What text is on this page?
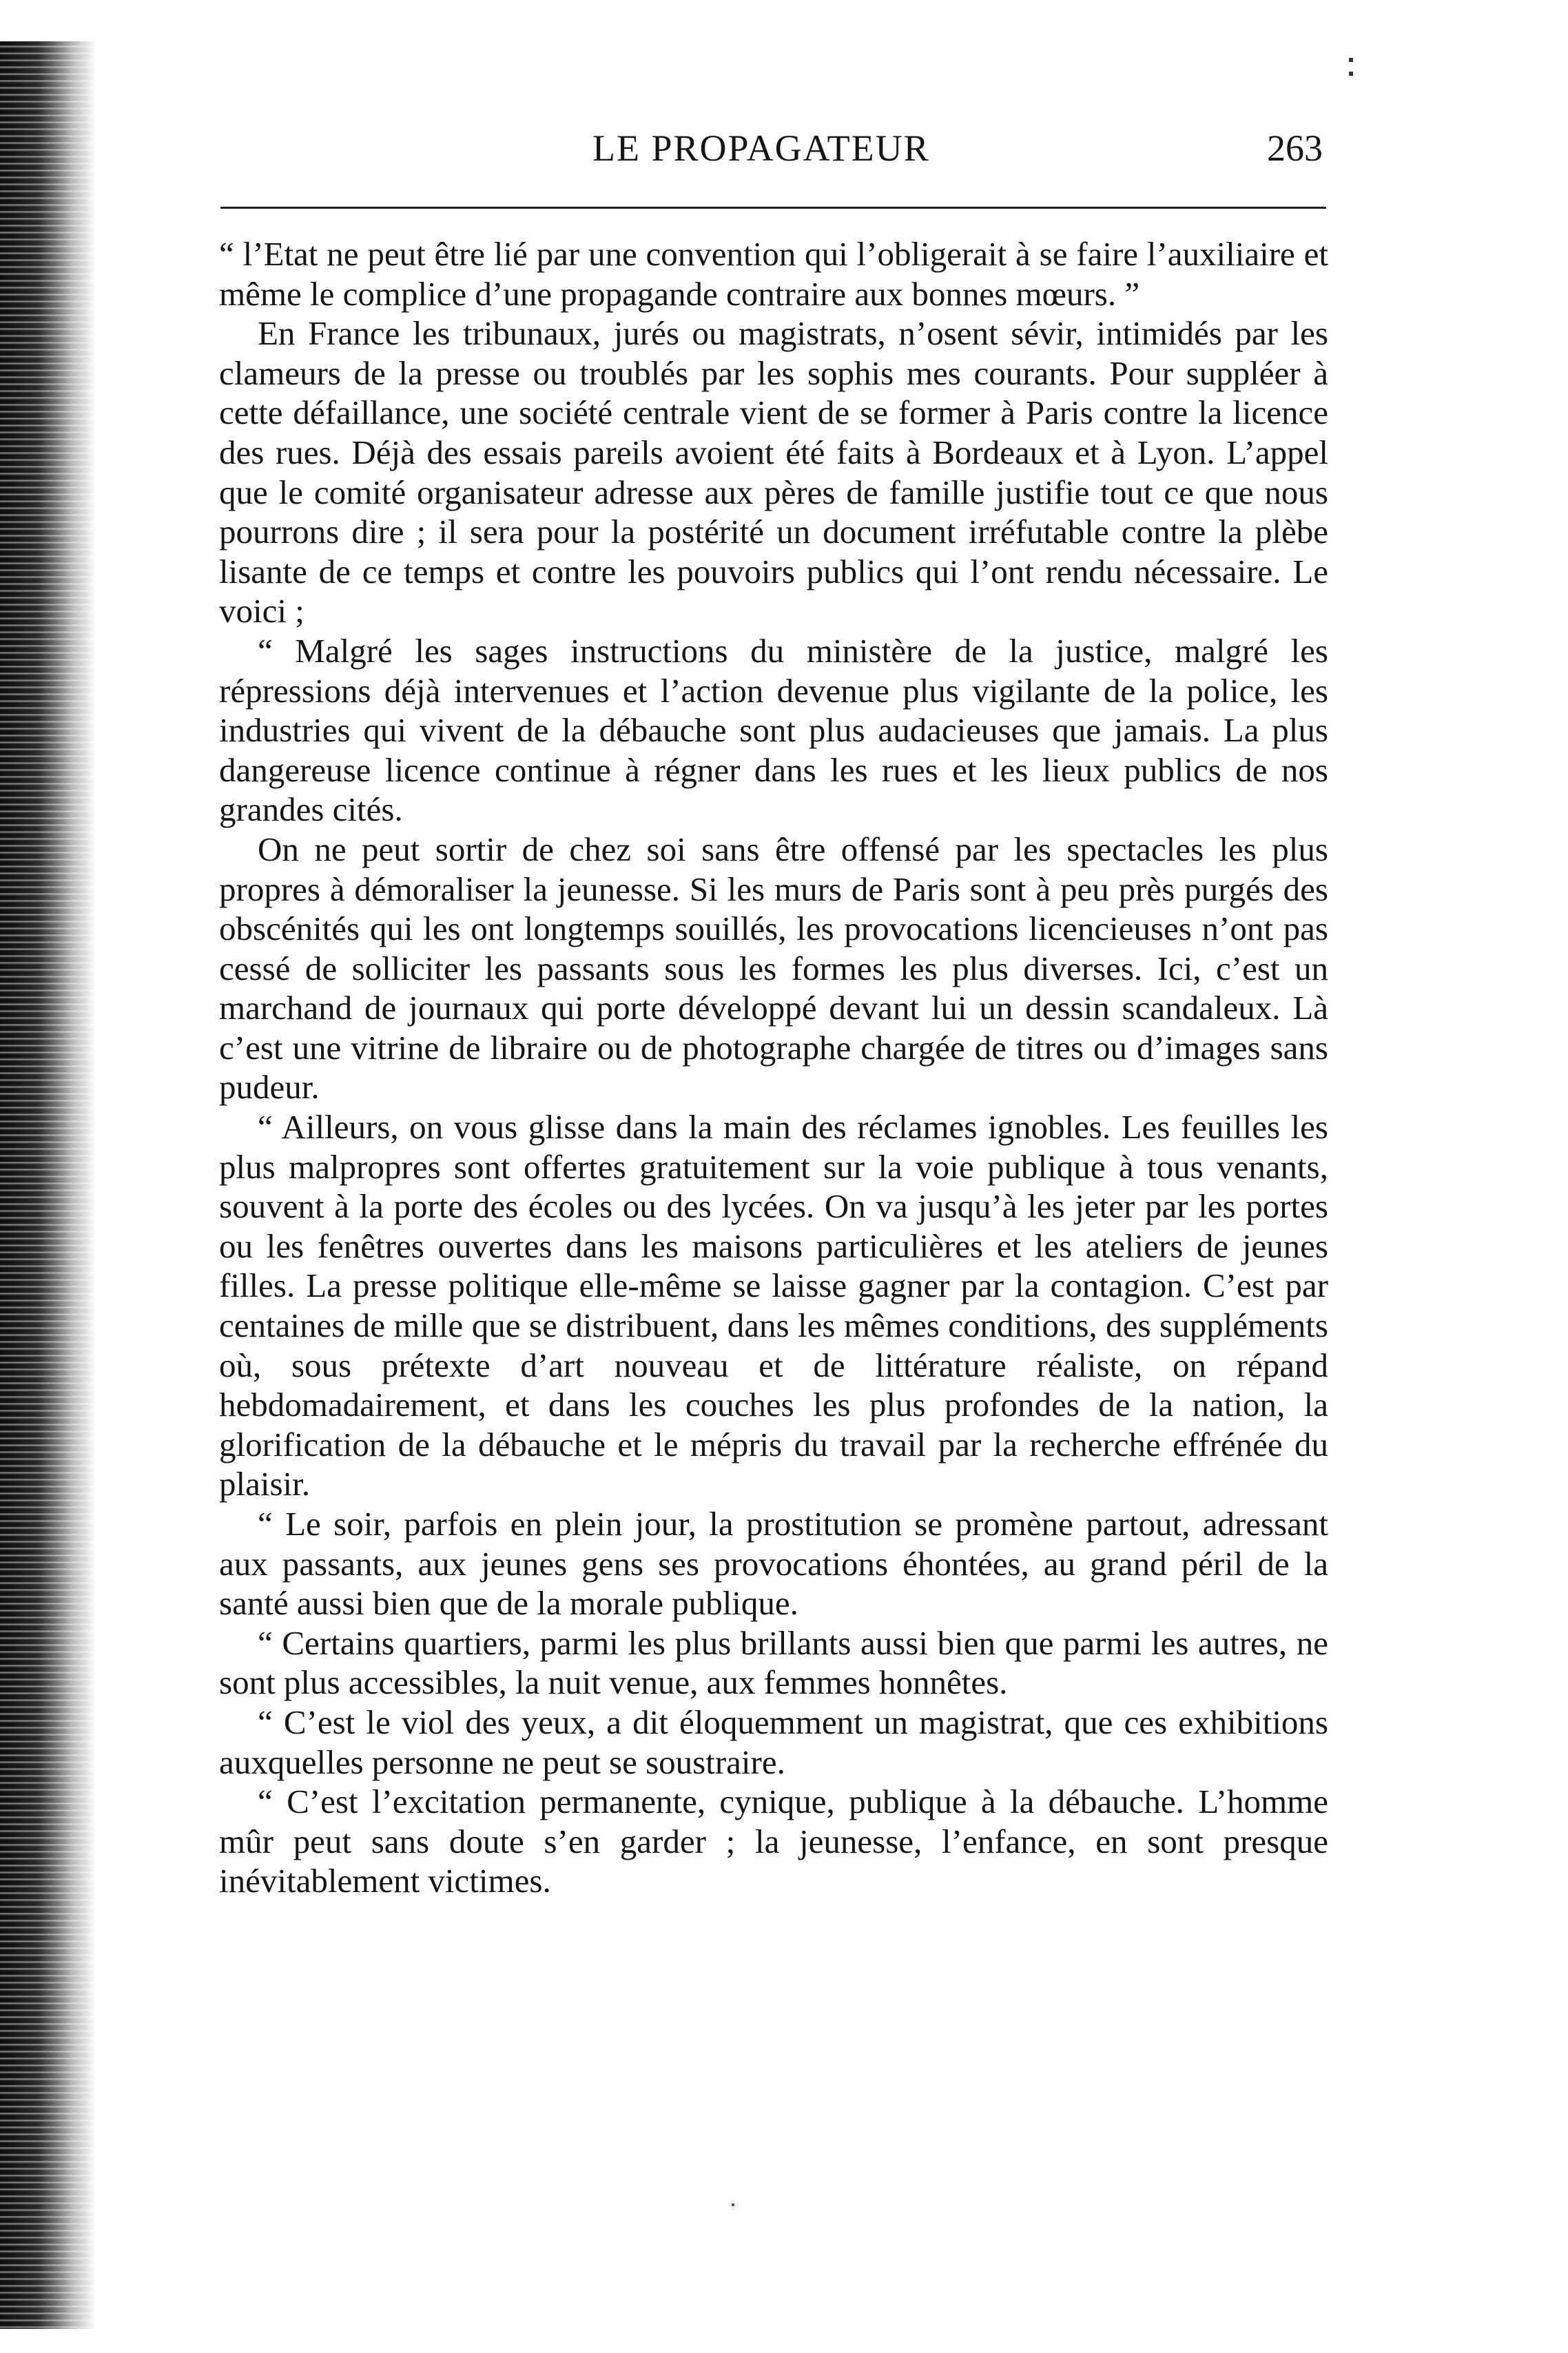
LE PROPAGATEUR	263

“ l’Etat ne peut être lié par une convention qui l’obligerait à se faire l’auxiliaire et même le complice d’une propagande contraire aux bonnes mœurs. ”

En France les tribunaux, jurés ou magistrats, n’osent sévir, intimidés par les clameurs de la presse ou troublés par les sophis mes courants. Pour suppléer à cette défaillance, une société centrale vient de se former à Paris contre la licence des rues. Déjà des essais pareils avoient été faits à Bordeaux et à Lyon. L’appel que le comité organisateur adresse aux pères de famille justifie tout ce que nous pourrons dire ; il sera pour la postérité un document irréfutable contre la plèbe lisante de ce temps et contre les pouvoirs publics qui l’ont rendu nécessaire. Le voici ;

“ Malgré les sages instructions du ministère de la justice, malgré les répressions déjà intervenues et l’action devenue plus vigilante de la police, les industries qui vivent de la débauche sont plus audacieuses que jamais. La plus dangereuse licence continue à régner dans les rues et les lieux publics de nos grandes cités.

On ne peut sortir de chez soi sans être offensé par les spectacles les plus propres à démoraliser la jeunesse. Si les murs de Paris sont à peu près purgés des obscénités qui les ont longtemps souillés, les provocations licencieuses n’ont pas cessé de solliciter les passants sous les formes les plus diverses. Ici, c’est un marchand de journaux qui porte développé devant lui un dessin scandaleux. Là c’est une vitrine de libraire ou de photographe chargée de titres ou d’images sans pudeur.

“ Ailleurs, on vous glisse dans la main des réclames ignobles. Les feuilles les plus malpropres sont offertes gratuitement sur la voie publique à tous venants, souvent à la porte des écoles ou des lycées. On va jusqu’à les jeter par les portes ou les fenêtres ouvertes dans les maisons particulières et les ateliers de jeunes filles. La presse politique elle-même se laisse gagner par la contagion. C’est par centaines de mille que se distribuent, dans les mêmes conditions, des suppléments où, sous prétexte d’art nouveau et de littérature réaliste, on répand hebdomadairement, et dans les couches les plus profondes de la nation, la glorification de la débauche et le mépris du travail par la recherche effrénée du plaisir.

“ Le soir, parfois en plein jour, la prostitution se promène partout, adressant aux passants, aux jeunes gens ses provocations éhontées, au grand péril de la santé aussi bien que de la morale publique.

“ Certains quartiers, parmi les plus brillants aussi bien que parmi les autres, ne sont plus accessibles, la nuit venue, aux femmes honnêtes.

“ C’est le viol des yeux, a dit éloquemment un magistrat, que ces exhibitions auxquelles personne ne peut se soustraire.

“ C’est l’excitation permanente, cynique, publique à la débauche. L’homme mûr peut sans doute s’en garder ; la jeunesse, l’enfance, en sont presque inévitablement victimes.
